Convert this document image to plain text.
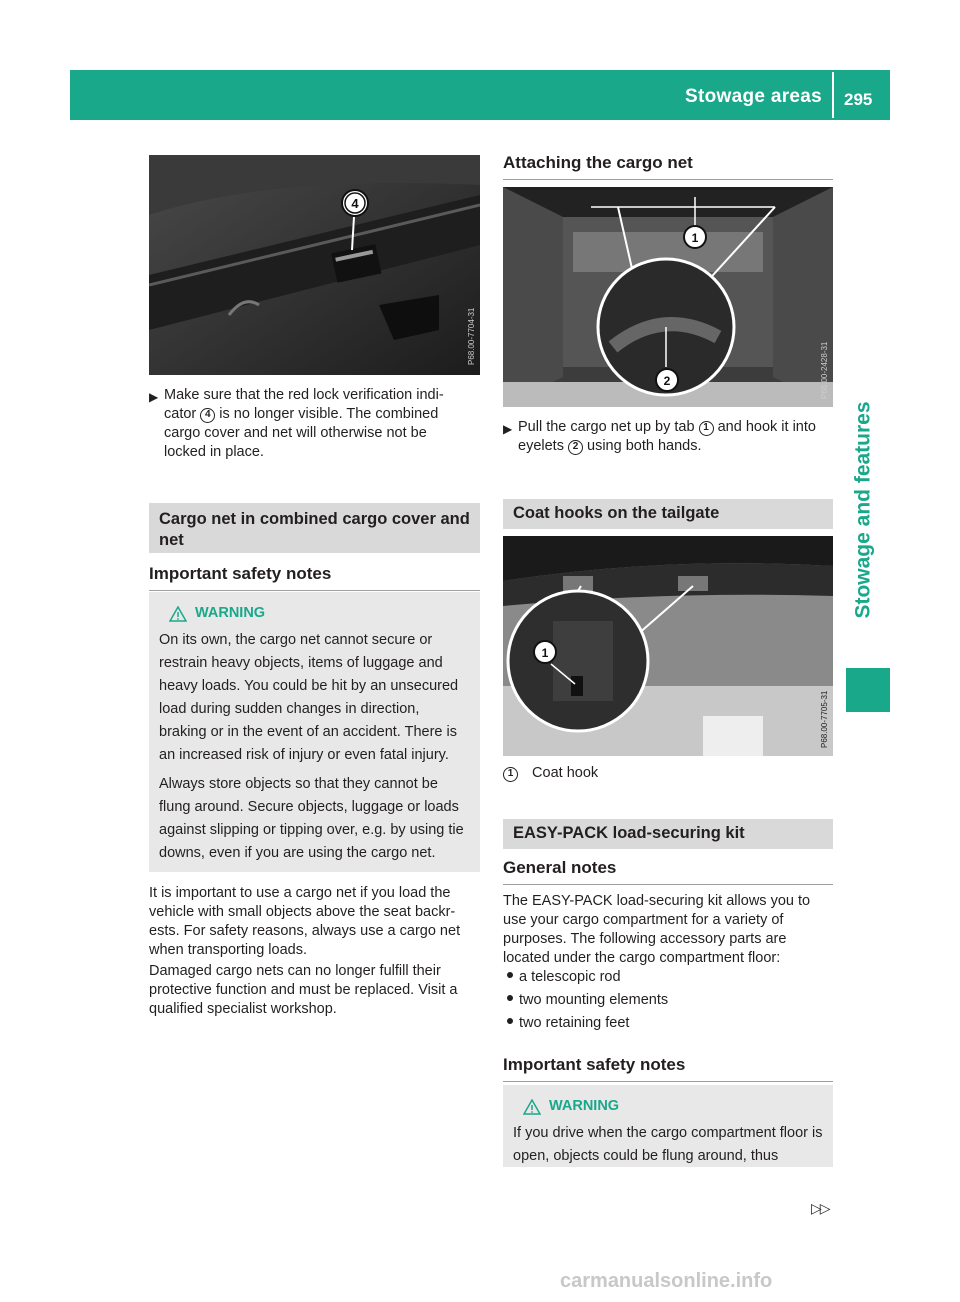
Stowage areas 295
Stowage and features
4
P68.00-7704-31
▶ Make sure that the red lock verification indi-
cator 4 is no longer visible. The combined
cargo cover and net will otherwise not be
locked in place.
Cargo net in combined cargo cover and net
Important safety notes
WARNING
On its own, the cargo net cannot secure or restrain heavy objects, items of luggage and heavy loads. You could be hit by an unsecured load during sudden changes in direction, braking or in the event of an accident. There is an increased risk of injury or even fatal injury.
Always store objects so that they cannot be flung around. Secure objects, luggage or loads against slipping or tipping over, e.g. by using tie downs, even if you are using the cargo net.
It is important to use a cargo net if you load the vehicle with small objects above the seat backr-ests. For safety reasons, always use a cargo net when transporting loads.
Damaged cargo nets can no longer fulfill their protective function and must be replaced. Visit a qualified specialist workshop.
Attaching the cargo net
1
2	P68.00-2428-31
▶ Pull the cargo net up by tab 1 and hook it into
eyelets 2 using both hands.
Coat hooks on the tailgate
1
P68.00-7705-31
1 Coat hook
EASY-PACK load-securing kit
General notes
The EASY-PACK load-securing kit allows you to use your cargo compartment for a variety of purposes. The following accessory parts are located under the cargo compartment floor:
a telescopic rod
two mounting elements
two retaining feet
Important safety notes
WARNING
If you drive when the cargo compartment floor is open, objects could be flung around, thus
▷▷
carmanualsonline.info
